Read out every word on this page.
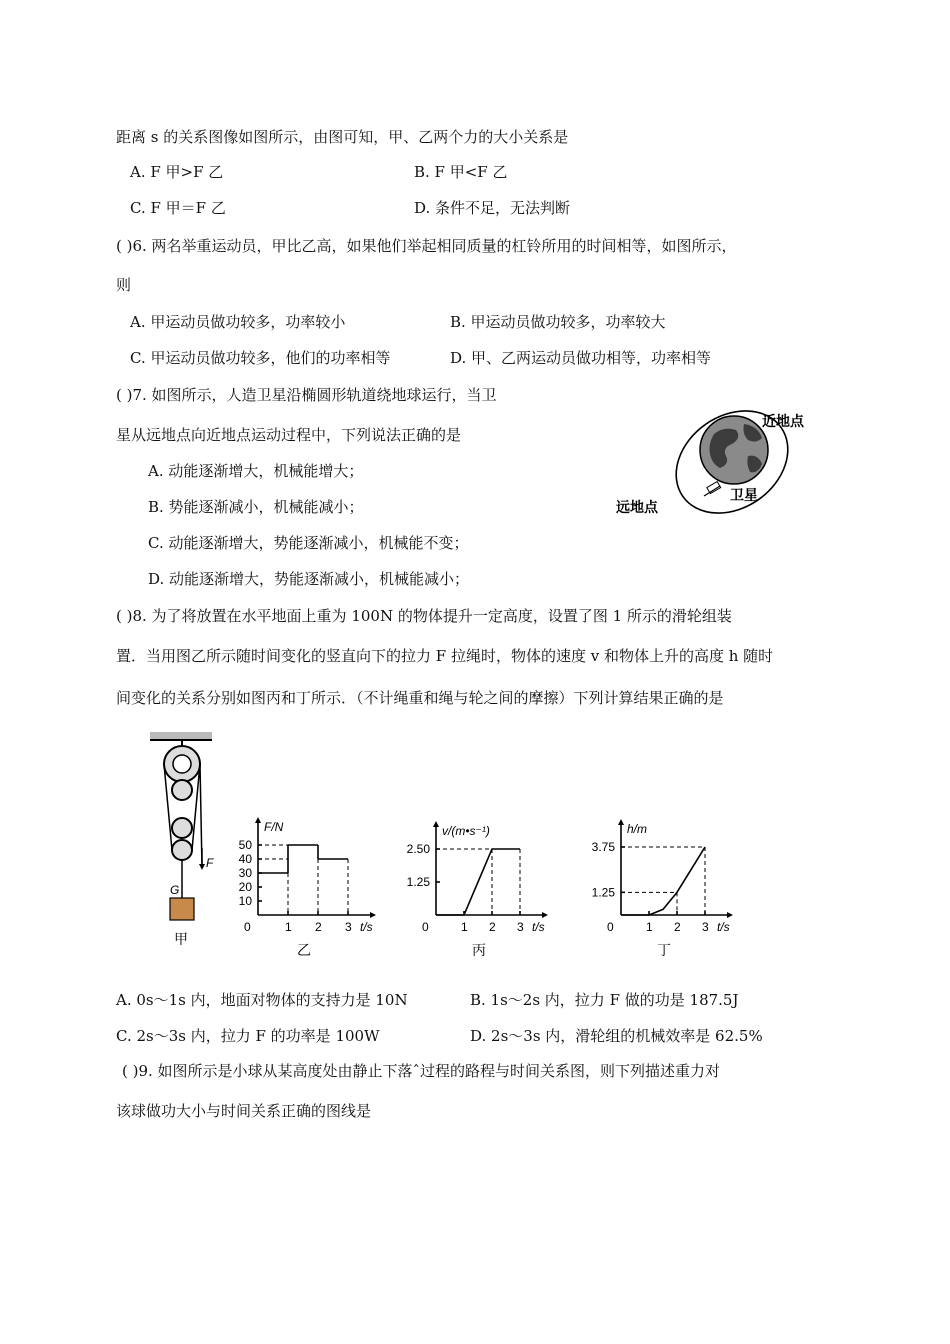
距离 s 的关系图像如图所示，由图可知，甲、乙两个力的大小关系是
A. F 甲>F 乙	B. F 甲<F 乙
C. F 甲＝F 乙	D. 条件不足，无法判断
( )6. 两名举重运动员，甲比乙高，如果他们举起相同质量的杠铃所用的时间相等，如图所示，
则
A. 甲运动员做功较多，功率较小	B. 甲运动员做功较多，功率较大
C. 甲运动员做功较多，他们的功率相等	D. 甲、乙两运动员做功相等，功率相等
( )7. 如图所示，人造卫星沿椭圆形轨道绕地球运行，当卫
星从远地点向近地点运动过程中，下列说法正确的是
A. 动能逐渐增大，机械能增大；
B. 势能逐渐减小，机械能减小；
C. 动能逐渐增大，势能逐渐减小，机械能不变；
D. 动能逐渐增大，势能逐渐减小，机械能减小；
( )8. 为了将放置在水平地面上重为 100N 的物体提升一定高度，设置了图 1 所示的滑轮组装
置．当用图乙所示随时间变化的竖直向下的拉力 F 拉绳时，物体的速度 v 和物体上升的高度 h 随时
间变化的关系分别如图丙和丁所示．（不计绳重和绳与轮之间的摩擦）下列计算结果正确的是
A. 0s～1s 内，地面对物体的支持力是 10N	B. 1s～2s 内，拉力 F 做的功是 187.5J
C. 2s～3s 内，拉力 F 的功率是 100W	D. 2s～3s 内，滑轮组的机械效率是 62.5%
( )9. 如图所示是小球从某高度处由静止下落ˆ过程的路程与时间关系图，则下列描述重力对
该球做功大小与时间关系正确的图线是
近地点
卫星
远地点
F
G
甲
0	1 2 3
10
20
30
40
50
t/s
F/N
乙
0	1 2 3
1.25
2.50
t/s
v/(m•s⁻¹)
丙
0	1 2 3
1.25
3.75
t/s
h/m
丁
